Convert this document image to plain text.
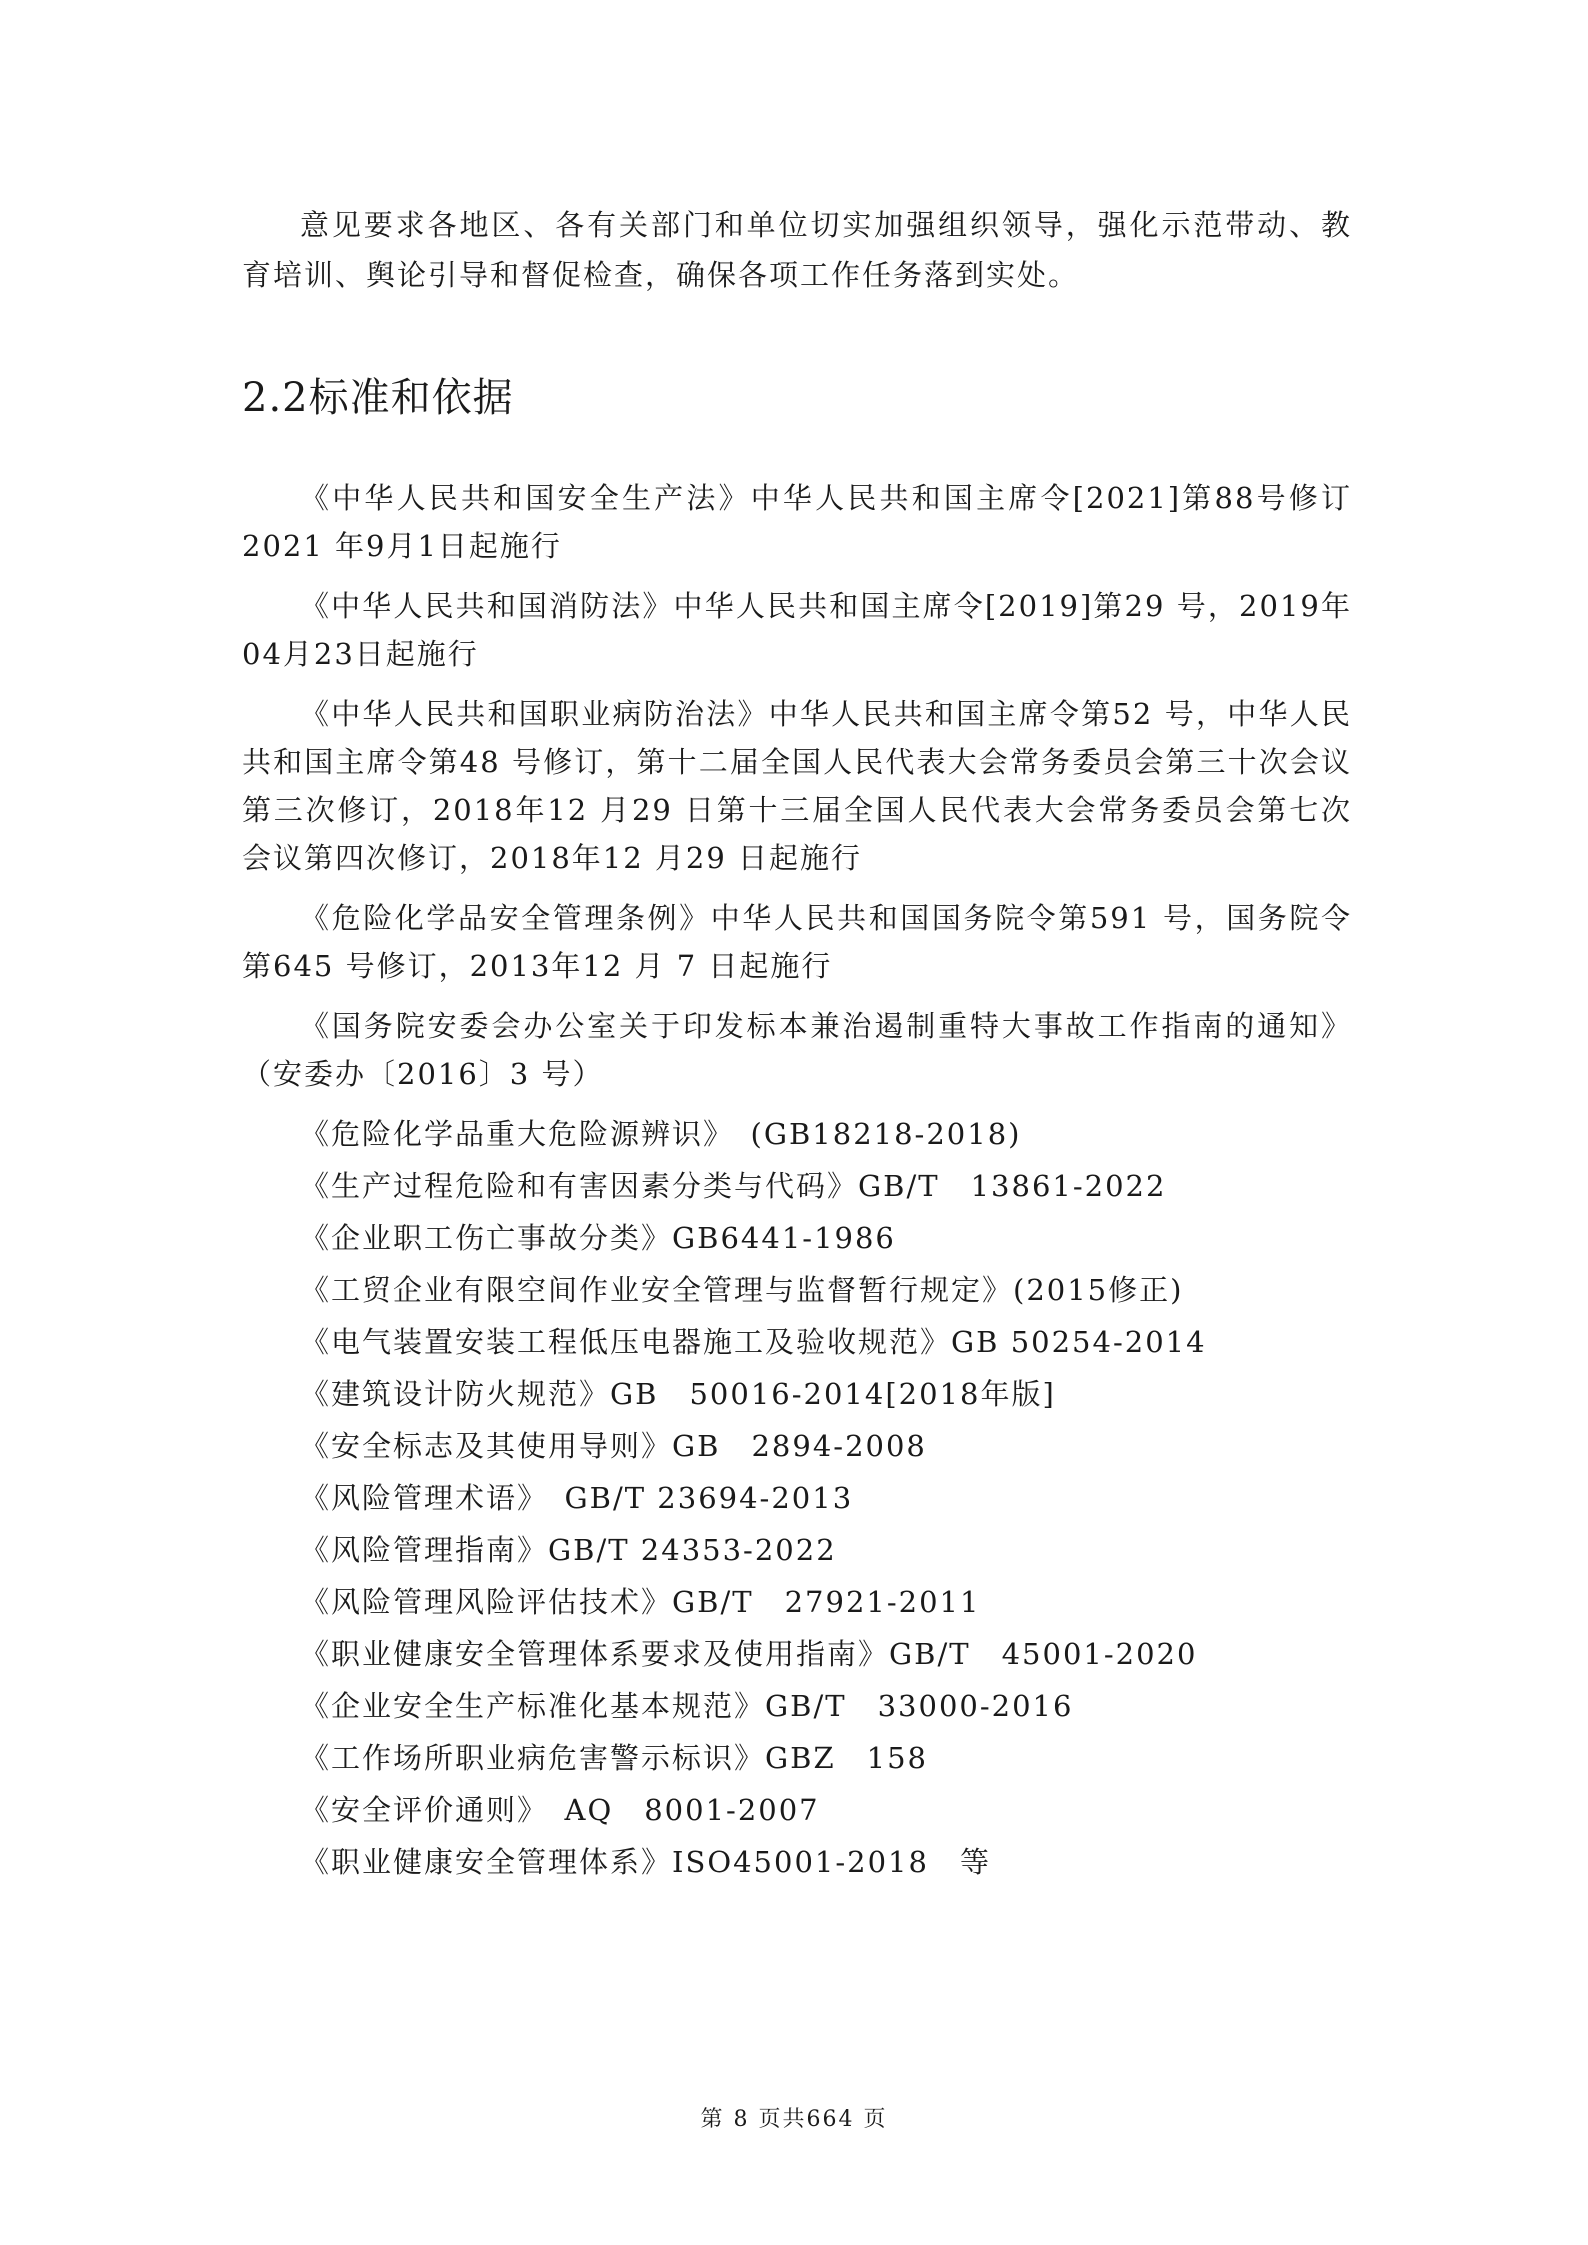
意见要求各地区、各有关部门和单位切实加强组织领导，强化示范带动、教育培训、舆论引导和督促检查，确保各项工作任务落到实处。

2.2标准和依据

《中华人民共和国安全生产法》中华人民共和国主席令[2021]第88号修订 2021 年9月1日起施行

《中华人民共和国消防法》中华人民共和国主席令[2019]第29 号，2019年04月23日起施行

《中华人民共和国职业病防治法》中华人民共和国主席令第52 号，中华人民共和国主席令第48 号修订，第十二届全国人民代表大会常务委员会第三十次会议第三次修订，2018年12 月29 日第十三届全国人民代表大会常务委员会第七次会议第四次修订，2018年12 月29 日起施行

《危险化学品安全管理条例》中华人民共和国国务院令第591 号，国务院令第645 号修订，2013年12 月 7 日起施行

《国务院安委会办公室关于印发标本兼治遏制重特大事故工作指南的通知》（安委办〔2016〕3 号）

《危险化学品重大危险源辨识》　(GB18218-2018)

《生产过程危险和有害因素分类与代码》GB/T　13861-2022

《企业职工伤亡事故分类》GB6441-1986

《工贸企业有限空间作业安全管理与监督暂行规定》(2015修正)

《电气装置安装工程低压电器施工及验收规范》GB 50254-2014

《建筑设计防火规范》GB　50016-2014[2018年版]

《安全标志及其使用导则》GB　2894-2008

《风险管理术语》　GB/T 23694-2013

《风险管理指南》GB/T 24353-2022

《风险管理风险评估技术》GB/T　27921-2011

《职业健康安全管理体系要求及使用指南》GB/T　45001-2020

《企业安全生产标准化基本规范》GB/T　33000-2016

《工作场所职业病危害警示标识》GBZ　158

《安全评价通则》　AQ　8001-2007

《职业健康安全管理体系》ISO45001-2018　等

第 8 页共664 页
